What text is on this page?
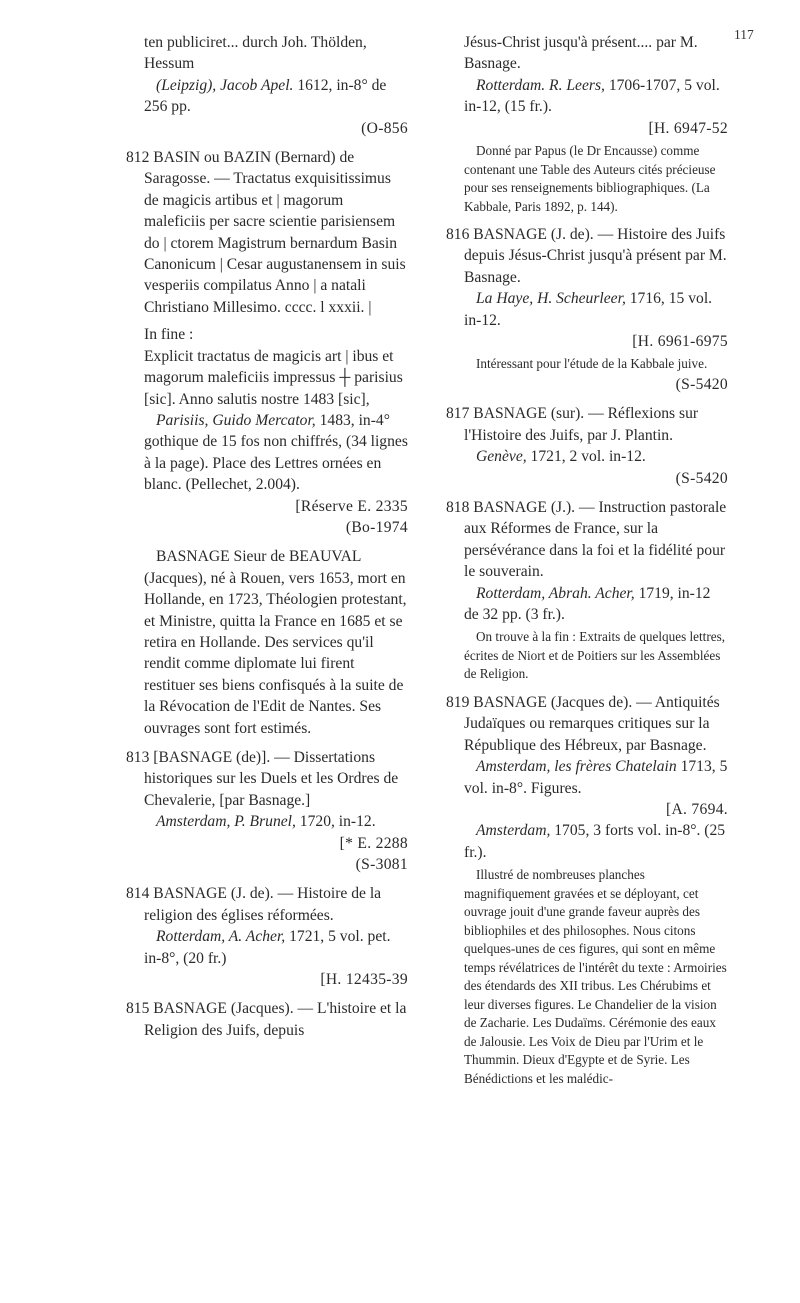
117

ten publiciret... durch Joh. Thölden, Hessum

(Leipzig), Jacob Apel. 1612, in-8° de 256 pp.

(O-856

812 BASIN ou BAZIN (Bernard) de Saragosse. — Tractatus exquisitissimus de magicis artibus et | magorum maleficiis per sacre scientie parisiensem do | ctorem Magistrum bernardum Basin Canonicum | Cesar augustanensem in suis vesperiis compilatus Anno | a natali Christiano Millesimo. cccc. l xxxii. |

In fine :

Explicit tractatus de magicis art | ibus et magorum maleficiis impressus ┼ parisius [sic]. Anno salutis nostre 1483 [sic],

Parisiis, Guido Mercator, 1483, in-4° gothique de 15 fos non chiffrés, (34 lignes à la page). Place des Lettres ornées en blanc. (Pellechet, 2.004).

[Réserve E. 2335

(Bo-1974

BASNAGE Sieur de BEAUVAL (Jacques), né à Rouen, vers 1653, mort en Hollande, en 1723, Théologien protestant, et Ministre, quitta la France en 1685 et se retira en Hollande. Des services qu'il rendit comme diplomate lui firent restituer ses biens confisqués à la suite de la Révocation de l'Edit de Nantes. Ses ouvrages sont fort estimés.

813 [BASNAGE (de)]. — Dissertations historiques sur les Duels et les Ordres de Chevalerie, [par Basnage.]

Amsterdam, P. Brunel, 1720, in-12.

[* E. 2288

(S-3081

814 BASNAGE (J. de). — Histoire de la religion des églises réformées.

Rotterdam, A. Acher, 1721, 5 vol. pet. in-8°, (20 fr.)

[H. 12435-39

815 BASNAGE (Jacques). — L'histoire et la Religion des Juifs, depuis

Jésus-Christ jusqu'à présent.... par M. Basnage.

Rotterdam. R. Leers, 1706-1707, 5 vol. in-12, (15 fr.).

[H. 6947-52

Donné par Papus (le Dr Encausse) comme contenant une Table des Auteurs cités précieuse pour ses renseignements bibliographiques. (La Kabbale, Paris 1892, p. 144).

816 BASNAGE (J. de). — Histoire des Juifs depuis Jésus-Christ jusqu'à présent par M. Basnage.

La Haye, H. Scheurleer, 1716, 15 vol. in-12.

[H. 6961-6975

Intéressant pour l'étude de la Kabbale juive.

(S-5420

817 BASNAGE (sur). — Réflexions sur l'Histoire des Juifs, par J. Plantin.

Genève, 1721, 2 vol. in-12.

(S-5420

818 BASNAGE (J.). — Instruction pastorale aux Réformes de France, sur la persévérance dans la foi et la fidélité pour le souverain.

Rotterdam, Abrah. Acher, 1719, in-12 de 32 pp. (3 fr.).

On trouve à la fin : Extraits de quelques lettres, écrites de Niort et de Poitiers sur les Assemblées de Religion.

819 BASNAGE (Jacques de). — Antiquités Judaïques ou remarques critiques sur la République des Hébreux, par Basnage.

Amsterdam, les frères Chatelain 1713, 5 vol. in-8°. Figures.

[A. 7694.

Amsterdam, 1705, 3 forts vol. in-8°. (25 fr.).

Illustré de nombreuses planches magnifiquement gravées et se déployant, cet ouvrage jouit d'une grande faveur auprès des bibliophiles et des philosophes. Nous citons quelques-unes de ces figures, qui sont en même temps révélatrices de l'intérêt du texte : Armoiries des étendards des XII tribus. Les Chérubims et leur diverses figures. Le Chandelier de la vision de Zacharie. Les Dudaïms. Cérémonie des eaux de Jalousie. Les Voix de Dieu par l'Urim et le Thummin. Dieux d'Egypte et de Syrie. Les Bénédictions et les malédic-
